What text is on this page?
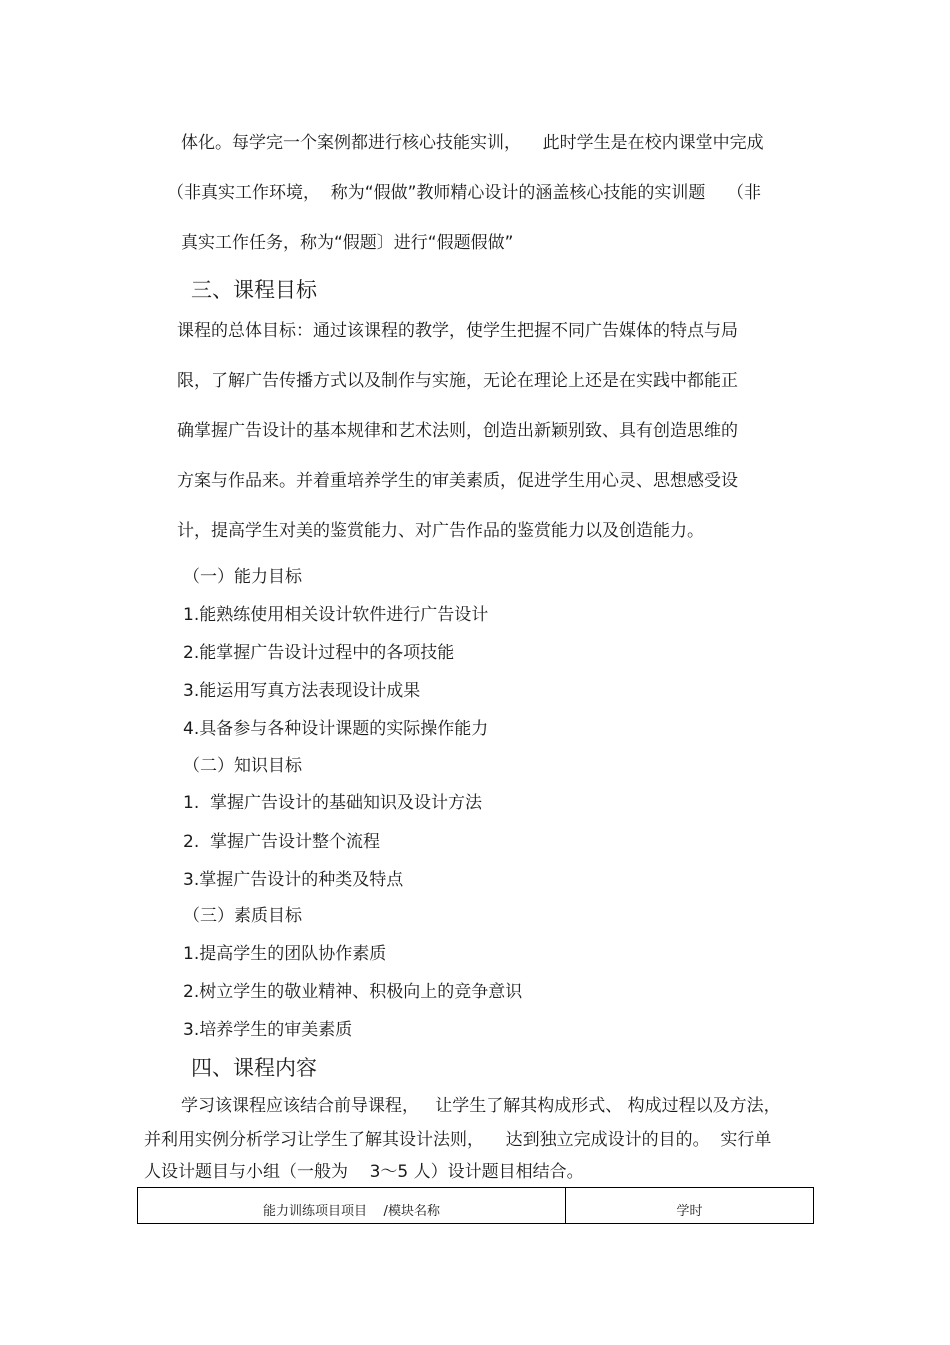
体化。每学完一个案例都进行核心技能实训，    此时学生是在校内课堂中完成
（非真实工作环境，  称为“假做”教师精心设计的涵盖核心技能的实训题    （非
真实工作任务，称为“假题〕进行“假题假做”
三、课程目标
课程的总体目标：通过该课程的教学，使学生把握不同广告媒体的特点与局
限，了解广告传播方式以及制作与实施，无论在理论上还是在实践中都能正
确掌握广告设计的基本规律和艺术法则，创造出新颖别致、具有创造思维的
方案与作品来。并着重培养学生的审美素质，促进学生用心灵、思想感受设
计，提高学生对美的鉴赏能力、对广告作品的鉴赏能力以及创造能力。
（一）能力目标
1.能熟练使用相关设计软件进行广告设计
2.能掌握广告设计过程中的各项技能
3.能运用写真方法表现设计成果
4.具备参与各种设计课题的实际操作能力
（二）知识目标
1.  掌握广告设计的基础知识及设计方法
2.  掌握广告设计整个流程
3.掌握广告设计的种类及特点
（三）素质目标
1.提高学生的团队协作素质
2.树立学生的敬业精神、积极向上的竞争意识
3.培养学生的审美素质
四、课程内容
学习该课程应该结合前导课程，   让学生了解其构成形式、 构成过程以及方法，
并利用实例分析学习让学生了解其设计法则，    达到独立完成设计的目的。  实行单
人设计题目与小组（一般为    3～5 人）设计题目相结合。
能力训练项目项目    /模块名称	学时
